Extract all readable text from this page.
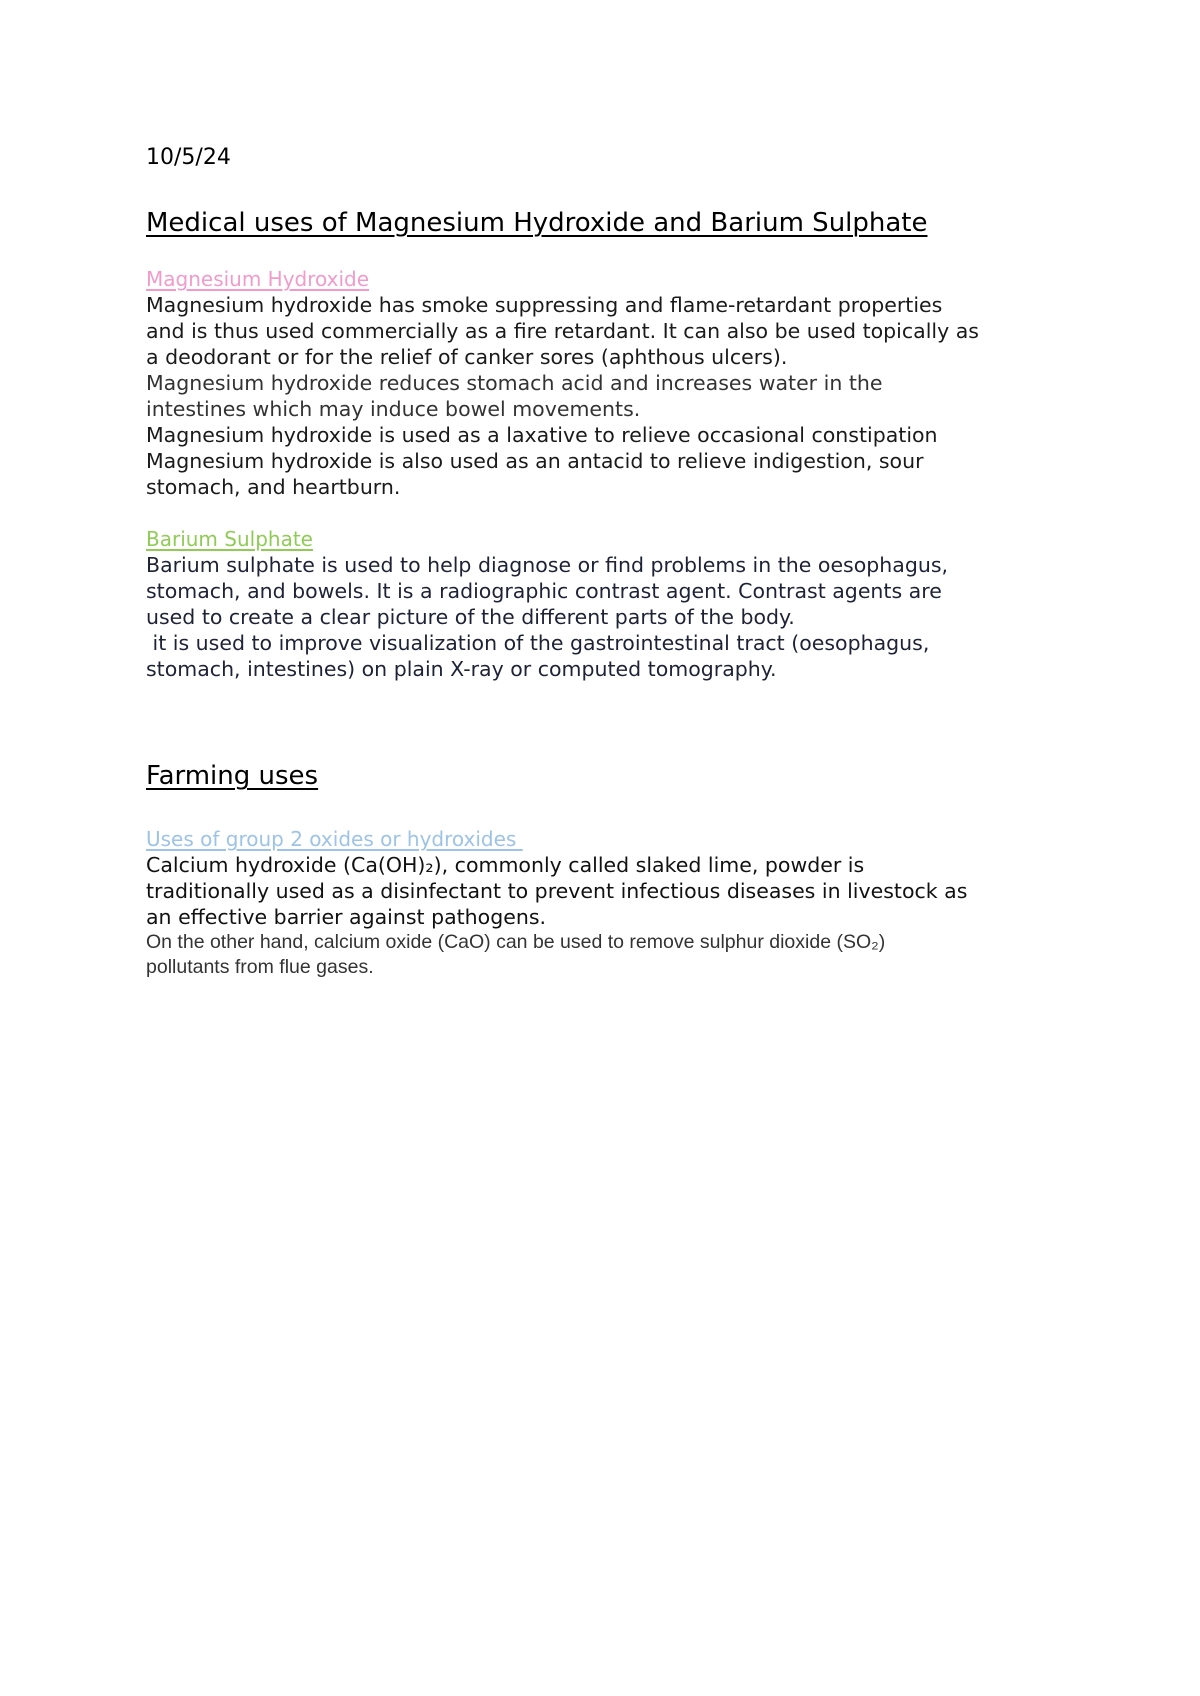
10/5/24
Medical uses of Magnesium Hydroxide and Barium Sulphate
Magnesium Hydroxide

Magnesium hydroxide has smoke suppressing and flame-retardant properties

and is thus used commercially as a fire retardant. It can also be used topically as

a deodorant or for the relief of canker sores (aphthous ulcers).

Magnesium hydroxide reduces stomach acid and increases water in the

intestines which may induce bowel movements.

Magnesium hydroxide is used as a laxative to relieve occasional constipation

Magnesium hydroxide is also used as an antacid to relieve indigestion, sour

stomach, and heartburn.

Barium Sulphate

Barium sulphate is used to help diagnose or find problems in the oesophagus,

stomach, and bowels. It is a radiographic contrast agent. Contrast agents are

used to create a clear picture of the different parts of the body.

it is used to improve visualization of the gastrointestinal tract (oesophagus,

stomach, intestines) on plain X-ray or computed tomography.

Farming uses
Uses of group 2 oxides or hydroxides

Calcium hydroxide (Ca(OH)₂), commonly called slaked lime, powder is

traditionally used as a disinfectant to prevent infectious diseases in livestock as

an effective barrier against pathogens.

On the other hand, calcium oxide (CaO) can be used to remove sulphur dioxide (SO₂)

pollutants from flue gases.
